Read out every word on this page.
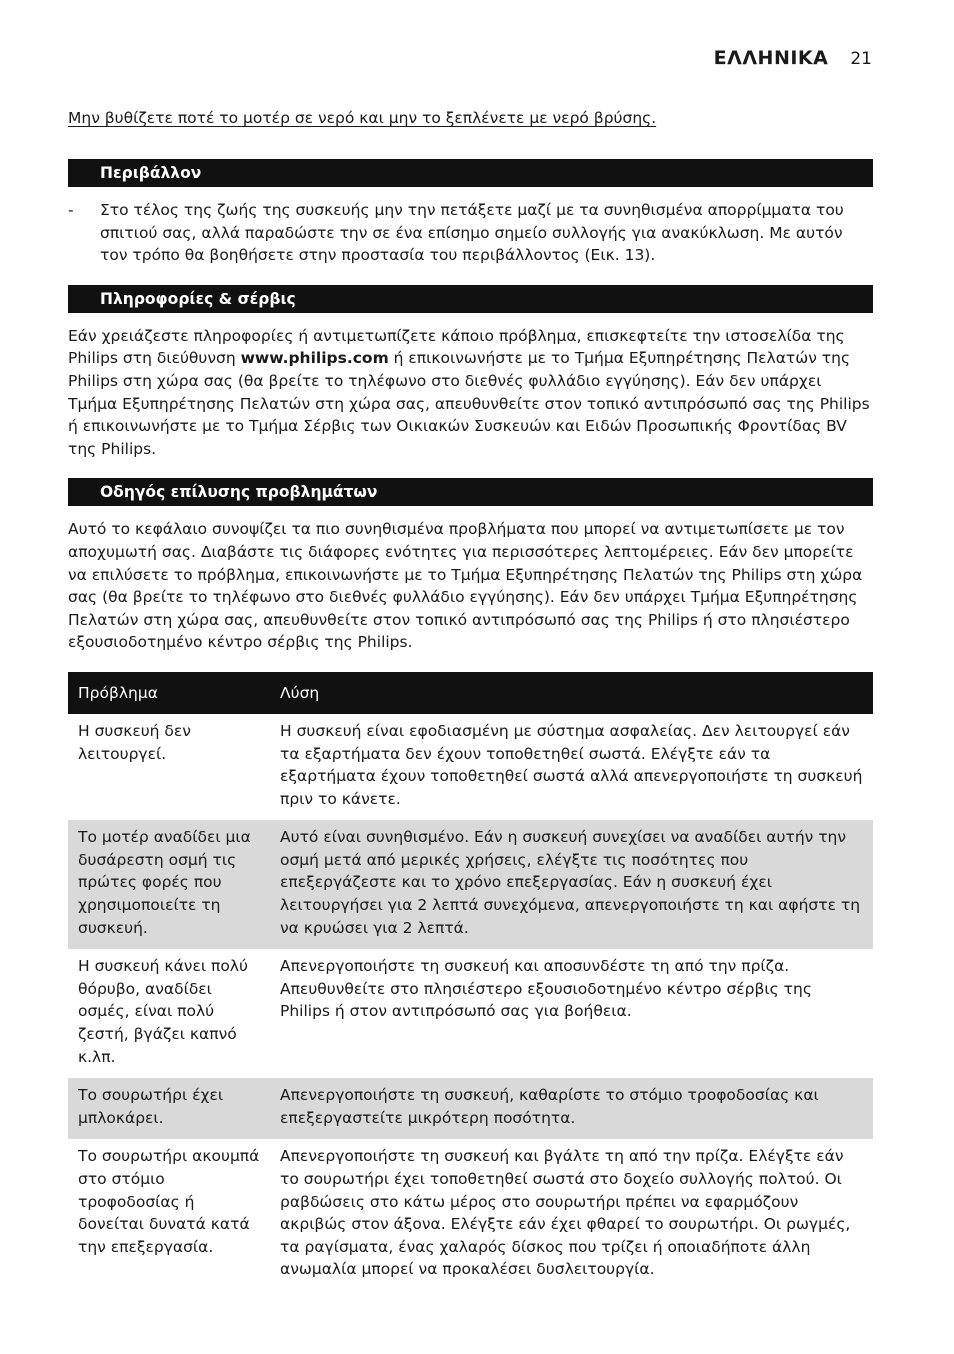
ΕΛΛΗΝΙΚΑ 21

Μην βυθίζετε ποτέ το μοτέρ σε νερό και μην το ξεπλένετε με νερό βρύσης.

Περιβάλλον
-	Στο τέλος της ζωής της συσκευής μην την πετάξετε μαζί με τα συνηθισμένα απορρίμματα του σπιτιού σας, αλλά παραδώστε την σε ένα επίσημο σημείο συλλογής για ανακύκλωση. Με αυτόν τον τρόπο θα βοηθήσετε στην προστασία του περιβάλλοντος (Εικ. 13).
Πληροφορίες & σέρβις

Εάν χρειάζεστε πληροφορίες ή αντιμετωπίζετε κάποιο πρόβλημα, επισκεφτείτε την ιστοσελίδα της Philips στη διεύθυνση www.philips.com ή επικοινωνήστε με το Τμήμα Εξυπηρέτησης Πελατών της Philips στη χώρα σας (θα βρείτε το τηλέφωνο στο διεθνές φυλλάδιο εγγύησης). Εάν δεν υπάρχει Τμήμα Εξυπηρέτησης Πελατών στη χώρα σας, απευθυνθείτε στον τοπικό αντιπρόσωπό σας της Philips ή επικοινωνήστε με το Τμήμα Σέρβις των Οικιακών Συσκευών και Ειδών Προσωπικής Φροντίδας BV της Philips.

Οδηγός επίλυσης προβλημάτων

Αυτό το κεφάλαιο συνοψίζει τα πιο συνηθισμένα προβλήματα που μπορεί να αντιμετωπίσετε με τον αποχυμωτή σας. Διαβάστε τις διάφορες ενότητες για περισσότερες λεπτομέρειες. Εάν δεν μπορείτε να επιλύσετε το πρόβλημα, επικοινωνήστε με το Τμήμα Εξυπηρέτησης Πελατών της Philips στη χώρα σας (θα βρείτε το τηλέφωνο στο διεθνές φυλλάδιο εγγύησης). Εάν δεν υπάρχει Τμήμα Εξυπηρέτησης Πελατών στη χώρα σας, απευθυνθείτε στον τοπικό αντιπρόσωπό σας της Philips ή στο πλησιέστερο εξουσιοδοτημένο κέντρο σέρβις της Philips.

Πρόβλημα	Λύση
Η συσκευή δεν λειτουργεί.	Η συσκευή είναι εφοδιασμένη με σύστημα ασφαλείας. Δεν λειτουργεί εάν τα εξαρτήματα δεν έχουν τοποθετηθεί σωστά. Ελέγξτε εάν τα εξαρτήματα έχουν τοποθετηθεί σωστά αλλά απενεργοποιήστε τη συσκευή πριν το κάνετε.
Το μοτέρ αναδίδει μια δυσάρεστη οσμή τις πρώτες φορές που χρησιμοποιείτε τη συσκευή.	Αυτό είναι συνηθισμένο. Εάν η συσκευή συνεχίσει να αναδίδει αυτήν την οσμή μετά από μερικές χρήσεις, ελέγξτε τις ποσότητες που επεξεργάζεστε και το χρόνο επεξεργασίας. Εάν η συσκευή έχει λειτουργήσει για 2 λεπτά συνεχόμενα, απενεργοποιήστε τη και αφήστε τη να κρυώσει για 2 λεπτά.
Η συσκευή κάνει πολύ θόρυβο, αναδίδει οσμές, είναι πολύ ζεστή, βγάζει καπνό κ.λπ.	Απενεργοποιήστε τη συσκευή και αποσυνδέστε τη από την πρίζα. Απευθυνθείτε στο πλησιέστερο εξουσιοδοτημένο κέντρο σέρβις της Philips ή στον αντιπρόσωπό σας για βοήθεια.
Το σουρωτήρι έχει μπλοκάρει.	Απενεργοποιήστε τη συσκευή, καθαρίστε το στόμιο τροφοδοσίας και επεξεργαστείτε μικρότερη ποσότητα.
Το σουρωτήρι ακουμπά στο στόμιο τροφοδοσίας ή δονείται δυνατά κατά την επεξεργασία.	Απενεργοποιήστε τη συσκευή και βγάλτε τη από την πρίζα. Ελέγξτε εάν το σουρωτήρι έχει τοποθετηθεί σωστά στο δοχείο συλλογής πολτού. Οι ραβδώσεις στο κάτω μέρος στο σουρωτήρι πρέπει να εφαρμόζουν ακριβώς στον άξονα. Ελέγξτε εάν έχει φθαρεί το σουρωτήρι. Οι ρωγμές, τα ραγίσματα, ένας χαλαρός δίσκος που τρίζει ή οποιαδήποτε άλλη ανωμαλία μπορεί να προκαλέσει δυσλειτουργία.
